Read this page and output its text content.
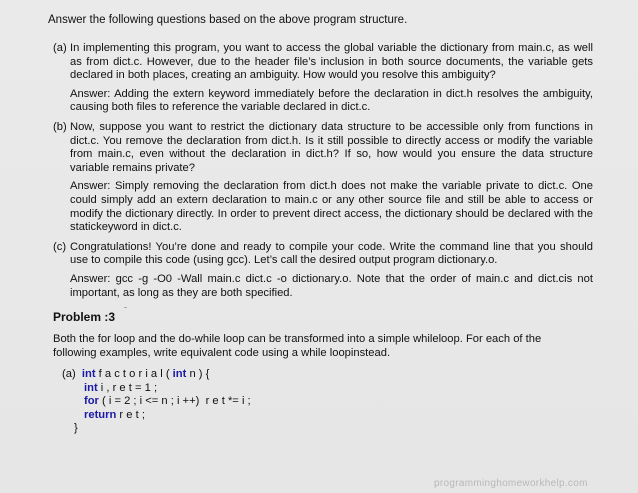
Answer the following questions based on the above program structure.
(a) In implementing this program, you want to access the global variable the dictionary from main.c, as well as from dict.c. However, due to the header file’s inclusion in both source documents, the variable gets declared in both places, creating an ambiguity. How would you resolve this ambiguity?

Answer: Adding the extern keyword immediately before the declaration in dict.h resolves the ambiguity, causing both files to reference the variable declared in dict.c.

(b) Now, suppose you want to restrict the dictionary data structure to be accessible only from functions in dict.c. You remove the declaration from dict.h. Is it still possible to directly access or modify the variable from main.c, even without the declaration in dict.h? If so, how would you ensure the data structure variable remains private?

Answer: Simply removing the declaration from dict.h does not make the variable private to dict.c. One could simply add an extern declaration to main.c or any other source file and still be able to access or modify the dictionary directly. In order to prevent direct access, the dictionary should be declared with the statickeyword in dict.c.

(c) Congratulations! You’re done and ready to compile your code. Write the command line that you should use to compile this code (using gcc). Let’s call the desired output program dictionary.o.

Answer: gcc -g -O0 -Wall main.c dict.c -o dictionary.o. Note that the order of main.c and dict.cis not important, as long as they are both specified.

Problem :3
Both the for loop and the do-while loop can be transformed into a simple whileloop. For each of the following examples, write equivalent code using a while loopinstead.
(a) int f a c t o r i a l ( int n ) {
int i , r e t = 1 ;
for ( i = 2 ; i <= n ; i ++)  r e t *= i ;
return r e t ;
}
programminghomeworkhelp.com
